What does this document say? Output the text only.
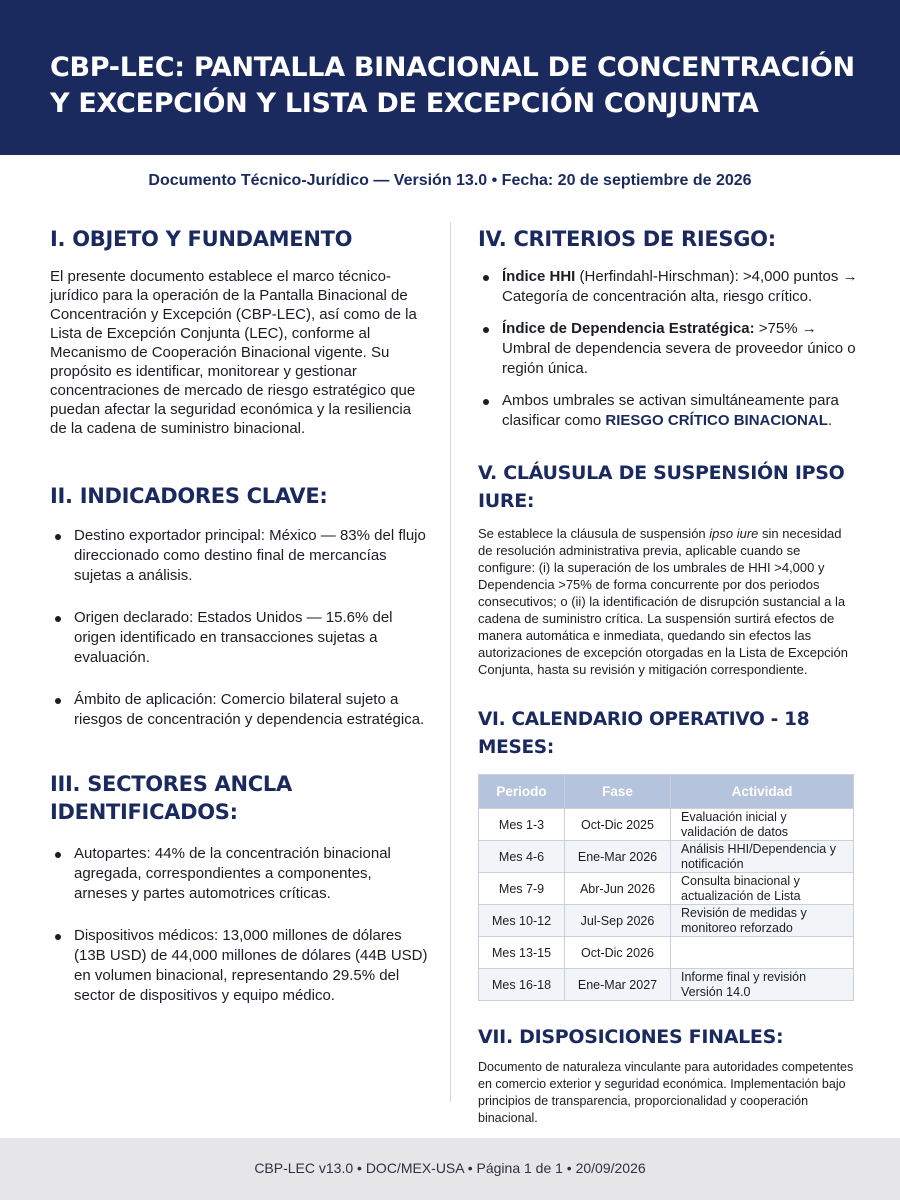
CBP-LEC: PANTALLA BINACIONAL DE CONCENTRACIÓN
Y EXCEPCIÓN Y LISTA DE EXCEPCIÓN CONJUNTA
Documento Técnico-Jurídico — Versión 13.0 • Fecha: 20 de septiembre de 2026
I. OBJETO Y FUNDAMENTO

El presente documento establece el marco técnico-jurídico para la operación de la Pantalla Binacional de Concentración y Excepción (CBP-LEC), así como de la Lista de Excepción Conjunta (LEC), conforme al Mecanismo de Cooperación Binacional vigente. Su propósito es identificar, monitorear y gestionar concentraciones de mercado de riesgo estratégico que puedan afectar la seguridad económica y la resiliencia de la cadena de suministro binacional.

II. INDICADORES CLAVE:
Destino exportador principal: México — 83% del flujo direccionado como destino final de mercancías sujetas a análisis.
Origen declarado: Estados Unidos — 15.6% del origen identificado en transacciones sujetas a evaluación.
Ámbito de aplicación: Comercio bilateral sujeto a riesgos de concentración y dependencia estratégica.
III. SECTORES ANCLA IDENTIFICADOS:
Autopartes: 44% de la concentración binacional agregada, correspondientes a componentes, arneses y partes automotrices críticas.
Dispositivos médicos: 13,000 millones de dólares (13B USD) de 44,000 millones de dólares (44B USD) en volumen binacional, representando 29.5% del sector de dispositivos y equipo médico.
IV. CRITERIOS DE RIESGO:
Índice HHI (Herfindahl-Hirschman): >4,000 puntos → Categoría de concentración alta, riesgo crítico.
Índice de Dependencia Estratégica: >75% → Umbral de dependencia severa de proveedor único o región única.
Ambos umbrales se activan simultáneamente para clasificar como RIESGO CRÍTICO BINACIONAL.
V. CLÁUSULA DE SUSPENSIÓN IPSO IURE:

Se establece la cláusula de suspensión ipso iure sin necesidad de resolución administrativa previa, aplicable cuando se configure: (i) la superación de los umbrales de HHI >4,000 y Dependencia >75% de forma concurrente por dos periodos consecutivos; o (ii) la identificación de disrupción sustancial a la cadena de suministro crítica. La suspensión surtirá efectos de manera automática e inmediata, quedando sin efectos las autorizaciones de excepción otorgadas en la Lista de Excepción Conjunta, hasta su revisión y mitigación correspondiente.

VI. CALENDARIO OPERATIVO - 18 MESES:
Periodo	Fase	Actividad
Mes 1-3	Oct-Dic 2025	Evaluación inicial y validación de datos
Mes 4-6	Ene-Mar 2026	Análisis HHI/Dependencia y notificación
Mes 7-9	Abr-Jun 2026	Consulta binacional y actualización de Lista
Mes 10-12	Jul-Sep 2026	Revisión de medidas y monitoreo reforzado
Mes 13-15	Oct-Dic 2026	
Mes 16-18	Ene-Mar 2027	Informe final y revisión Versión 14.0
VII. DISPOSICIONES FINALES:

Documento de naturaleza vinculante para autoridades competentes en comercio exterior y seguridad económica. Implementación bajo principios de transparencia, proporcionalidad y cooperación binacional.

CBP-LEC v13.0 • DOC/MEX-USA • Página 1 de 1 • 20/09/2026
